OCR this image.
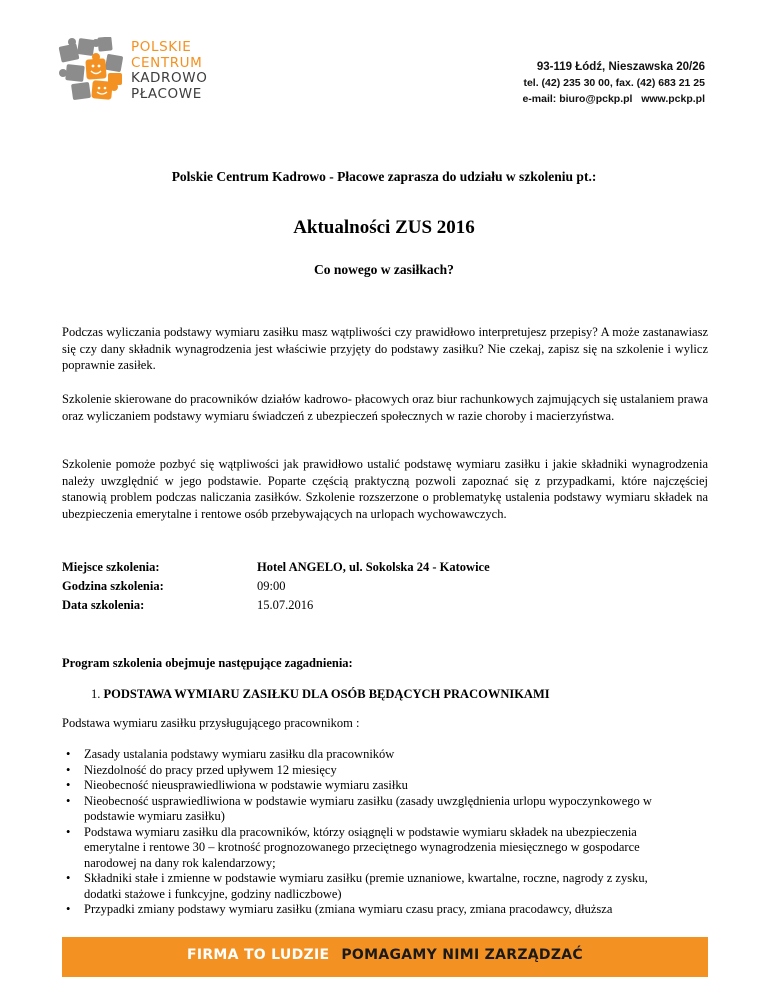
POLSKIE
CENTRUM
KADROWO
PŁACOWE
93-119 Łódź, Nieszawska 20/26
tel. (42) 235 30 00, fax. (42) 683 21 25
e-mail: biuro@pckp.pl   www.pckp.pl
Polskie Centrum Kadrowo - Płacowe zaprasza do udziału w szkoleniu pt.:
Aktualności ZUS 2016
Co nowego w zasiłkach?

Podczas wyliczania podstawy wymiaru zasiłku masz wątpliwości czy prawidłowo interpretujesz przepisy? A może zastanawiasz się czy dany składnik wynagrodzenia jest właściwie przyjęty do podstawy zasiłku? Nie czekaj, zapisz się na szkolenie i wylicz poprawnie zasiłek.

Szkolenie skierowane do pracowników działów kadrowo- płacowych oraz biur rachunkowych zajmujących się ustalaniem prawa oraz wyliczaniem podstawy wymiaru świadczeń z ubezpieczeń społecznych w razie choroby i macierzyństwa.

Szkolenie pomoże pozbyć się wątpliwości jak prawidłowo ustalić podstawę wymiaru zasiłku i jakie składniki wynagrodzenia należy uwzględnić w jego podstawie. Poparte częścią praktyczną pozwoli zapoznać się z przypadkami, które najczęściej stanowią problem podczas naliczania zasiłków. Szkolenie rozszerzone o problematykę ustalenia podstawy wymiaru składek na ubezpieczenia emerytalne i rentowe osób przebywających na urlopach wychowawczych.

Miejsce szkolenia:	Hotel ANGELO, ul. Sokolska 24 - Katowice
Godzina szkolenia:	09:00
Data szkolenia:	15.07.2016
Program szkolenia obejmuje następujące zagadnienia:
1. PODSTAWA WYMIARU ZASIŁKU DLA OSÓB BĘDĄCYCH PRACOWNIKAMI
Podstawa wymiaru zasiłku przysługującego pracownikom :
• Zasady ustalania podstawy wymiaru zasiłku dla pracowników
• Niezdolność do pracy przed upływem 12 miesięcy
• Nieobecność nieusprawiedliwiona w podstawie wymiaru zasiłku
• Nieobecność usprawiedliwiona w podstawie wymiaru zasiłku (zasady uwzględnienia urlopu wypoczynkowego w podstawie wymiaru zasiłku)
• Podstawa wymiaru zasiłku dla pracowników, którzy osiągnęli w podstawie wymiaru składek na ubezpieczenia emerytalne i rentowe 30 – krotność prognozowanego przeciętnego wynagrodzenia miesięcznego w gospodarce narodowej na dany rok kalendarzowy;
• Składniki stałe i zmienne w podstawie wymiaru zasiłku (premie uznaniowe, kwartalne, roczne, nagrody z zysku, dodatki stażowe i funkcyjne, godziny nadliczbowe)
• Przypadki zmiany podstawy wymiaru zasiłku (zmiana wymiaru czasu pracy, zmiana pracodawcy, dłuższa
FIRMA TO LUDZIE POMAGAMY NIMI ZARZĄDZAĆ
